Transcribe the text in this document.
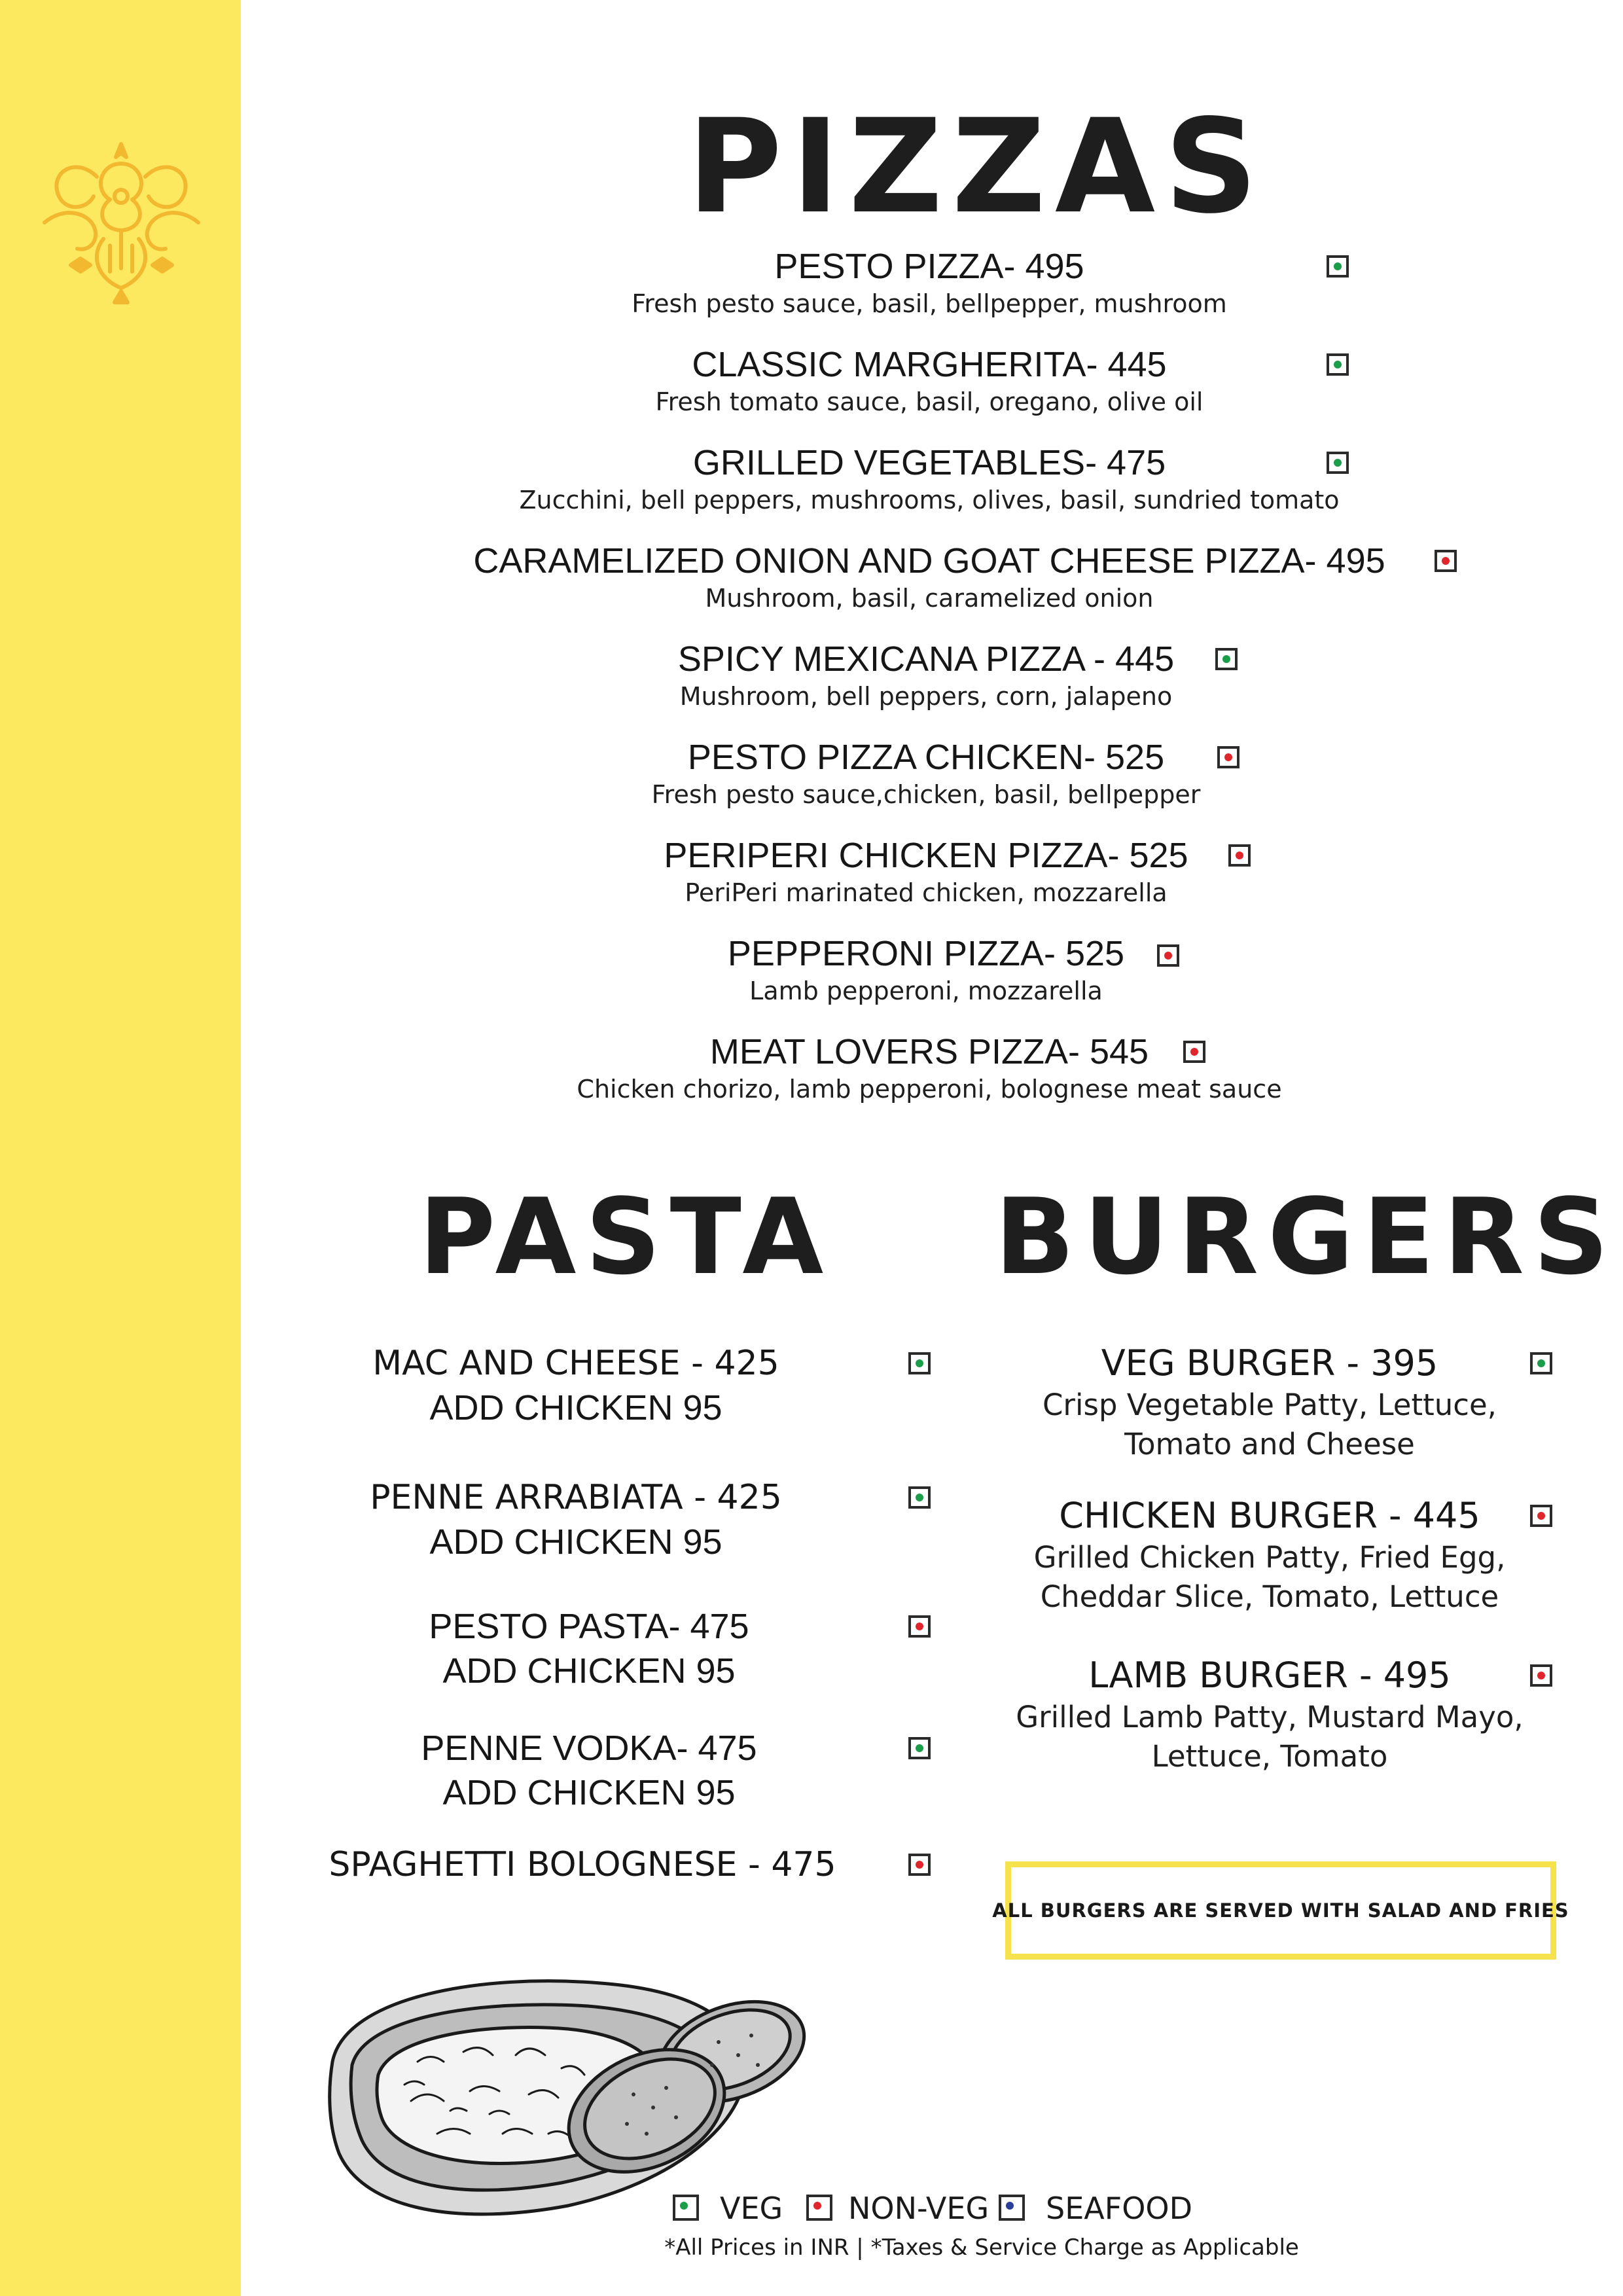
PIZZAS
PESTO PIZZA- 495
Fresh pesto sauce, basil, bellpepper, mushroom
CLASSIC MARGHERITA- 445
Fresh tomato sauce, basil, oregano, olive oil
GRILLED VEGETABLES- 475
Zucchini, bell peppers, mushrooms, olives, basil, sundried tomato
CARAMELIZED ONION AND GOAT CHEESE PIZZA- 495
Mushroom, basil, caramelized onion
SPICY MEXICANA PIZZA - 445
Mushroom, bell peppers, corn, jalapeno
PESTO PIZZA CHICKEN- 525
Fresh pesto sauce,chicken, basil, bellpepper
PERIPERI CHICKEN PIZZA- 525
PeriPeri marinated chicken, mozzarella
PEPPERONI PIZZA- 525
Lamb pepperoni, mozzarella
MEAT LOVERS PIZZA- 545
Chicken chorizo, lamb pepperoni, bolognese meat sauce
PASTA
MAC AND CHEESE - 425
ADD CHICKEN 95
PENNE ARRABIATA - 425
ADD CHICKEN 95
PESTO PASTA- 475
ADD CHICKEN 95
PENNE VODKA- 475
ADD CHICKEN 95
SPAGHETTI BOLOGNESE - 475
BURGERS
VEG BURGER - 395
Crisp Vegetable Patty, Lettuce,
Tomato and Cheese
CHICKEN BURGER - 445
Grilled Chicken Patty, Fried Egg,
Cheddar Slice, Tomato, Lettuce
LAMB BURGER - 495
Grilled Lamb Patty, Mustard Mayo,
Lettuce, Tomato
ALL BURGERS ARE SERVED WITH SALAD AND FRIES
VEG NON-VEG SEAFOOD
*All Prices in INR | *Taxes & Service Charge as Applicable
